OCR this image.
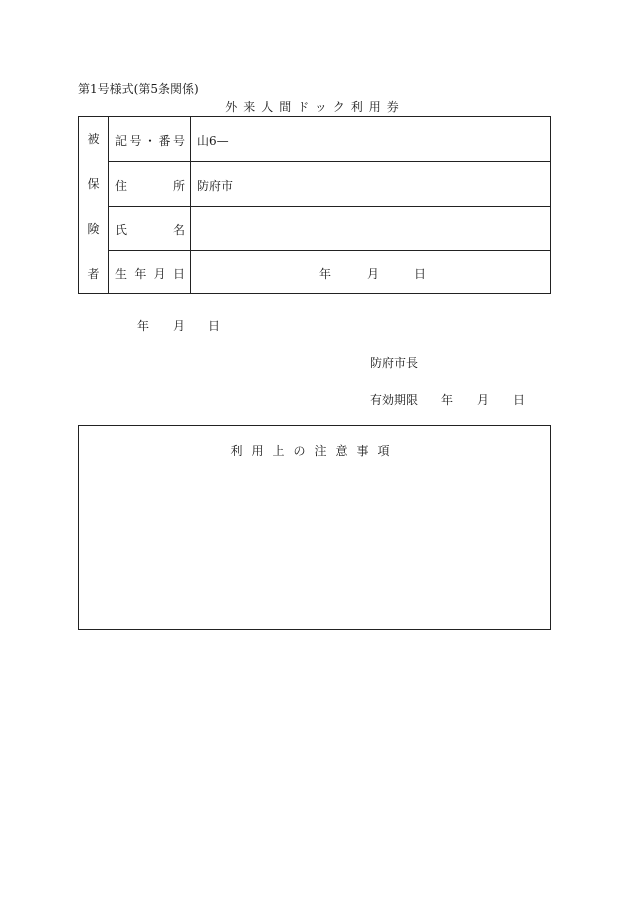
第1号様式(第5条関係)
外来人間ドック利用券
被
保
険
者
記 号 ・ 番 号 山6—
住	所 防府市
氏	名
生 年 月 日	年	月	日
年 月 日
防府市長
有効期限 年 月 日
利用上の注意事項
